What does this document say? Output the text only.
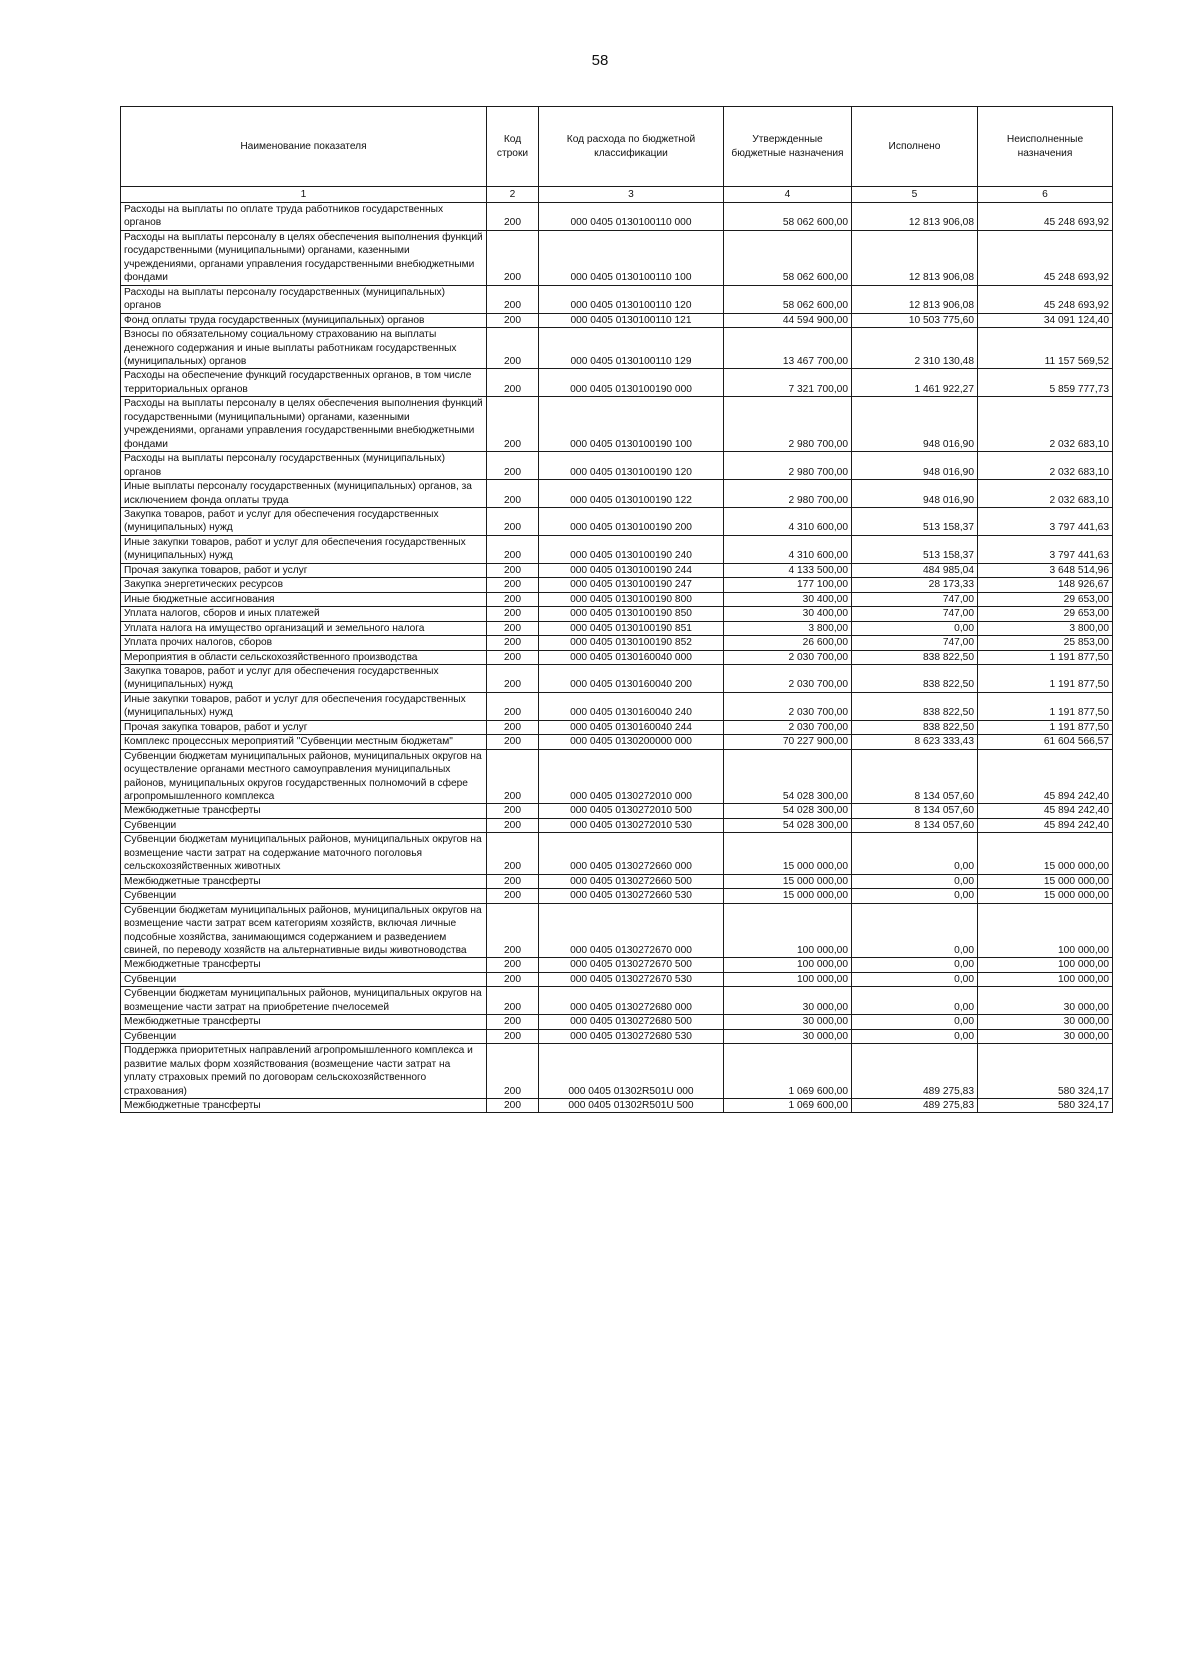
58
Наименование показателя	Код строки	Код расхода по бюджетной классификации	Утвержденные бюджетные назначения	Исполнено	Неисполненные назначения
1	2	3	4	5	6
Расходы на выплаты по оплате труда работников государственных органов	200	000 0405 0130100110 000	58 062 600,00	12 813 906,08	45 248 693,92
Расходы на выплаты персоналу в целях обеспечения выполнения функций государственными (муниципальными) органами, казенными учреждениями, органами управления государственными внебюджетными фондами	200	000 0405 0130100110 100	58 062 600,00	12 813 906,08	45 248 693,92
Расходы на выплаты персоналу государственных (муниципальных) органов	200	000 0405 0130100110 120	58 062 600,00	12 813 906,08	45 248 693,92
Фонд оплаты труда государственных (муниципальных) органов	200	000 0405 0130100110 121	44 594 900,00	10 503 775,60	34 091 124,40
Взносы по обязательному социальному страхованию на выплаты денежного содержания и иные выплаты работникам государственных (муниципальных) органов	200	000 0405 0130100110 129	13 467 700,00	2 310 130,48	11 157 569,52
Расходы на обеспечение функций государственных органов, в том числе территориальных органов	200	000 0405 0130100190 000	7 321 700,00	1 461 922,27	5 859 777,73
Расходы на выплаты персоналу в целях обеспечения выполнения функций государственными (муниципальными) органами, казенными учреждениями, органами управления государственными внебюджетными фондами	200	000 0405 0130100190 100	2 980 700,00	948 016,90	2 032 683,10
Расходы на выплаты персоналу государственных (муниципальных) органов	200	000 0405 0130100190 120	2 980 700,00	948 016,90	2 032 683,10
Иные выплаты персоналу государственных (муниципальных) органов, за исключением фонда оплаты труда	200	000 0405 0130100190 122	2 980 700,00	948 016,90	2 032 683,10
Закупка товаров, работ и услуг для обеспечения государственных (муниципальных) нужд	200	000 0405 0130100190 200	4 310 600,00	513 158,37	3 797 441,63
Иные закупки товаров, работ и услуг для обеспечения государственных (муниципальных) нужд	200	000 0405 0130100190 240	4 310 600,00	513 158,37	3 797 441,63
Прочая закупка товаров, работ и услуг	200	000 0405 0130100190 244	4 133 500,00	484 985,04	3 648 514,96
Закупка энергетических ресурсов	200	000 0405 0130100190 247	177 100,00	28 173,33	148 926,67
Иные бюджетные ассигнования	200	000 0405 0130100190 800	30 400,00	747,00	29 653,00
Уплата налогов, сборов и иных платежей	200	000 0405 0130100190 850	30 400,00	747,00	29 653,00
Уплата налога на имущество организаций и земельного налога	200	000 0405 0130100190 851	3 800,00	0,00	3 800,00
Уплата прочих налогов, сборов	200	000 0405 0130100190 852	26 600,00	747,00	25 853,00
Мероприятия в области сельскохозяйственного производства	200	000 0405 0130160040 000	2 030 700,00	838 822,50	1 191 877,50
Закупка товаров, работ и услуг для обеспечения государственных (муниципальных) нужд	200	000 0405 0130160040 200	2 030 700,00	838 822,50	1 191 877,50
Иные закупки товаров, работ и услуг для обеспечения государственных (муниципальных) нужд	200	000 0405 0130160040 240	2 030 700,00	838 822,50	1 191 877,50
Прочая закупка товаров, работ и услуг	200	000 0405 0130160040 244	2 030 700,00	838 822,50	1 191 877,50
Комплекс процессных мероприятий "Субвенции местным бюджетам"	200	000 0405 0130200000 000	70 227 900,00	8 623 333,43	61 604 566,57
Субвенции бюджетам муниципальных районов, муниципальных округов на осуществление органами местного самоуправления муниципальных районов, муниципальных округов государственных полномочий в сфере агропромышленного комплекса	200	000 0405 0130272010 000	54 028 300,00	8 134 057,60	45 894 242,40
Межбюджетные трансферты	200	000 0405 0130272010 500	54 028 300,00	8 134 057,60	45 894 242,40
Субвенции	200	000 0405 0130272010 530	54 028 300,00	8 134 057,60	45 894 242,40
Субвенции бюджетам муниципальных районов, муниципальных округов на возмещение части затрат на содержание маточного поголовья сельскохозяйственных животных	200	000 0405 0130272660 000	15 000 000,00	0,00	15 000 000,00
Межбюджетные трансферты	200	000 0405 0130272660 500	15 000 000,00	0,00	15 000 000,00
Субвенции	200	000 0405 0130272660 530	15 000 000,00	0,00	15 000 000,00
Субвенции бюджетам муниципальных районов, муниципальных округов на возмещение части затрат всем категориям хозяйств, включая личные подсобные хозяйства, занимающимся содержанием и разведением свиней, по переводу хозяйств на альтернативные виды животноводства	200	000 0405 0130272670 000	100 000,00	0,00	100 000,00
Межбюджетные трансферты	200	000 0405 0130272670 500	100 000,00	0,00	100 000,00
Субвенции	200	000 0405 0130272670 530	100 000,00	0,00	100 000,00
Субвенции бюджетам муниципальных районов, муниципальных округов на возмещение части затрат на приобретение пчелосемей	200	000 0405 0130272680 000	30 000,00	0,00	30 000,00
Межбюджетные трансферты	200	000 0405 0130272680 500	30 000,00	0,00	30 000,00
Субвенции	200	000 0405 0130272680 530	30 000,00	0,00	30 000,00
Поддержка приоритетных направлений агропромышленного комплекса и развитие малых форм хозяйствования (возмещение части затрат на уплату страховых премий по договорам сельскохозяйственного страхования)	200	000 0405 01302R501U 000	1 069 600,00	489 275,83	580 324,17
Межбюджетные трансферты	200	000 0405 01302R501U 500	1 069 600,00	489 275,83	580 324,17
